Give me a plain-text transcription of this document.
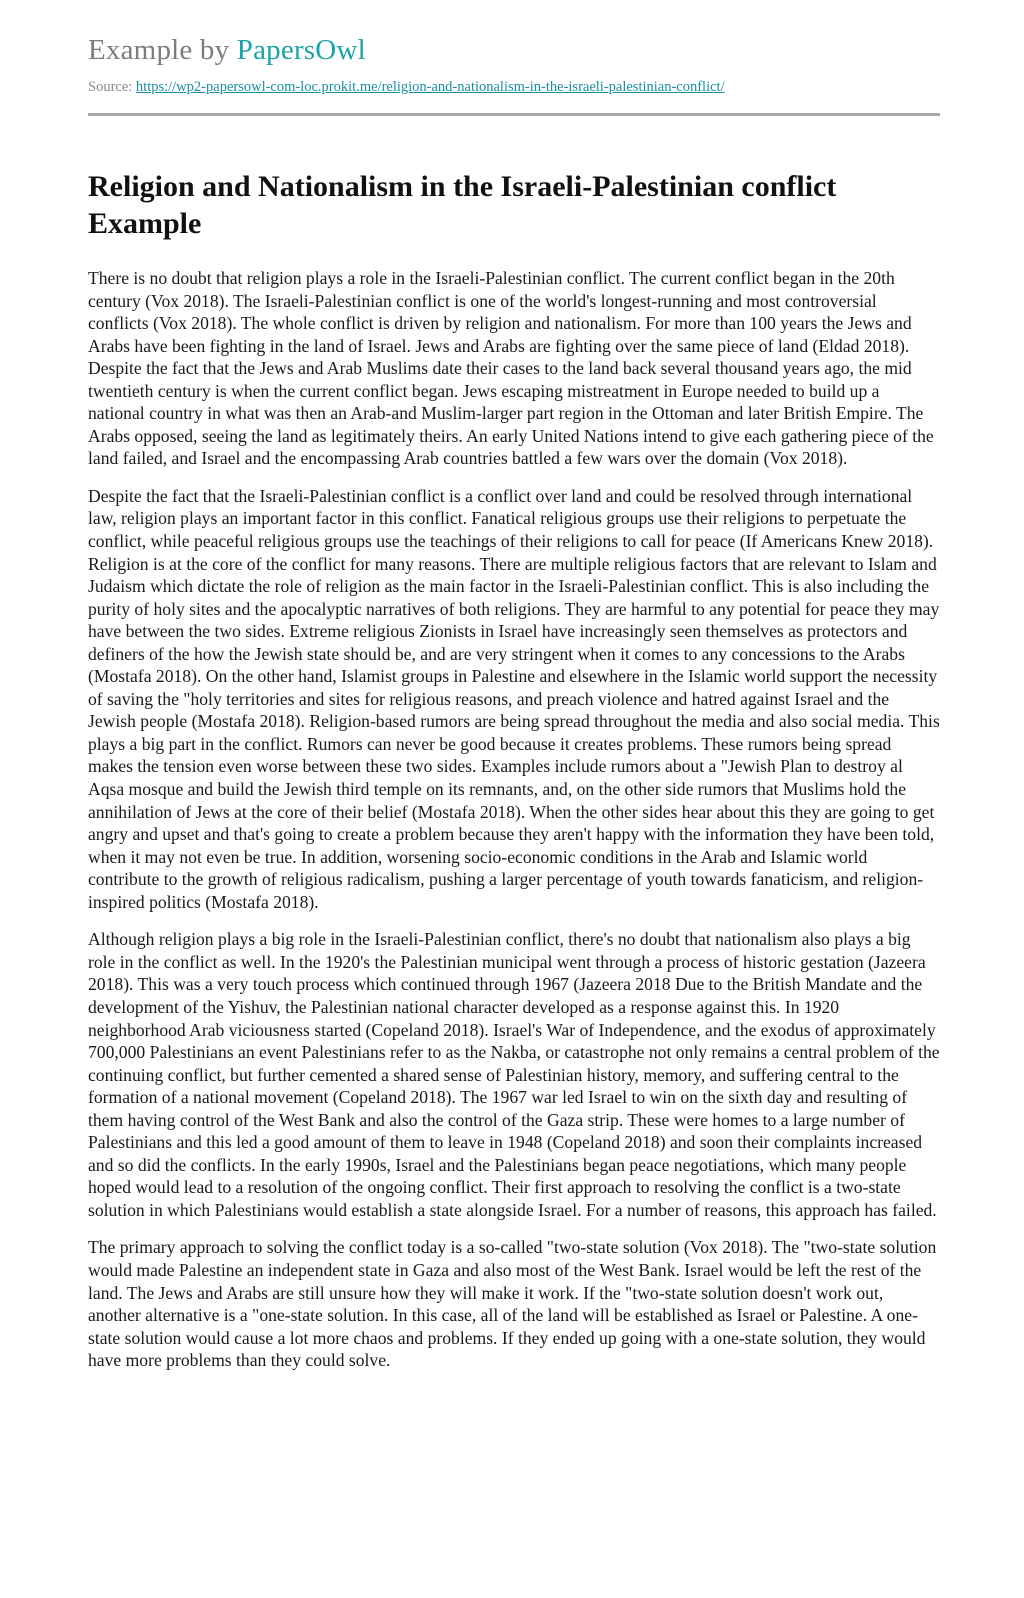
Example by PapersOwl
Source: https://wp2-papersowl-com-loc.prokit.me/religion-and-nationalism-in-the-israeli-palestinian-conflict/
Religion and Nationalism in the Israeli-Palestinian conflict Example

There is no doubt that religion plays a role in the Israeli-Palestinian conflict. The current conflict began in the 20th century (Vox 2018). The Israeli-Palestinian conflict is one of the world's longest-running and most controversial conflicts (Vox 2018). The whole conflict is driven by religion and nationalism. For more than 100 years the Jews and Arabs have been fighting in the land of Israel. Jews and Arabs are fighting over the same piece of land (Eldad 2018). Despite the fact that the Jews and Arab Muslims date their cases to the land back several thousand years ago, the mid twentieth century is when the current conflict began. Jews escaping mistreatment in Europe needed to build up a national country in what was then an Arab-and Muslim-larger part region in the Ottoman and later British Empire. The Arabs opposed, seeing the land as legitimately theirs. An early United Nations intend to give each gathering piece of the land failed, and Israel and the encompassing Arab countries battled a few wars over the domain (Vox 2018).

Despite the fact that the Israeli-Palestinian conflict is a conflict over land and could be resolved through international law, religion plays an important factor in this conflict. Fanatical religious groups use their religions to perpetuate the conflict, while peaceful religious groups use the teachings of their religions to call for peace (If Americans Knew 2018). Religion is at the core of the conflict for many reasons. There are multiple religious factors that are relevant to Islam and Judaism which dictate the role of religion as the main factor in the Israeli-Palestinian conflict. This is also including the purity of holy sites and the apocalyptic narratives of both religions. They are harmful to any potential for peace they may have between the two sides. Extreme religious Zionists in Israel have increasingly seen themselves as protectors and definers of the how the Jewish state should be, and are very stringent when it comes to any concessions to the Arabs (Mostafa 2018). On the other hand, Islamist groups in Palestine and elsewhere in the Islamic world support the necessity of saving the "holy territories and sites for religious reasons, and preach violence and hatred against Israel and the Jewish people (Mostafa 2018). Religion-based rumors are being spread throughout the media and also social media. This plays a big part in the conflict. Rumors can never be good because it creates problems. These rumors being spread makes the tension even worse between these two sides. Examples include rumors about a "Jewish Plan to destroy al Aqsa mosque and build the Jewish third temple on its remnants, and, on the other side rumors that Muslims hold the annihilation of Jews at the core of their belief (Mostafa 2018). When the other sides hear about this they are going to get angry and upset and that's going to create a problem because they aren't happy with the information they have been told, when it may not even be true. In addition, worsening socio-economic conditions in the Arab and Islamic world contribute to the growth of religious radicalism, pushing a larger percentage of youth towards fanaticism, and religion-inspired politics (Mostafa 2018).

Although religion plays a big role in the Israeli-Palestinian conflict, there's no doubt that nationalism also plays a big role in the conflict as well. In the 1920's the Palestinian municipal went through a process of historic gestation (Jazeera 2018). This was a very touch process which continued through 1967 (Jazeera 2018 Due to the British Mandate and the development of the Yishuv, the Palestinian national character developed as a response against this. In 1920 neighborhood Arab viciousness started (Copeland 2018). Israel's War of Independence, and the exodus of approximately 700,000 Palestinians an event Palestinians refer to as the Nakba, or catastrophe not only remains a central problem of the continuing conflict, but further cemented a shared sense of Palestinian history, memory, and suffering central to the formation of a national movement (Copeland 2018). The 1967 war led Israel to win on the sixth day and resulting of them having control of the West Bank and also the control of the Gaza strip. These were homes to a large number of Palestinians and this led a good amount of them to leave in 1948 (Copeland 2018) and soon their complaints increased and so did the conflicts. In the early 1990s, Israel and the Palestinians began peace negotiations, which many people hoped would lead to a resolution of the ongoing conflict. Their first approach to resolving the conflict is a two-state solution in which Palestinians would establish a state alongside Israel. For a number of reasons, this approach has failed.

The primary approach to solving the conflict today is a so-called "two-state solution (Vox 2018). The "two-state solution would made Palestine an independent state in Gaza and also most of the West Bank. Israel would be left the rest of the land. The Jews and Arabs are still unsure how they will make it work. If the "two-state solution doesn't work out, another alternative is a "one-state solution. In this case, all of the land will be established as Israel or Palestine. A one-state solution would cause a lot more chaos and problems. If they ended up going with a one-state solution, they would have more problems than they could solve.
